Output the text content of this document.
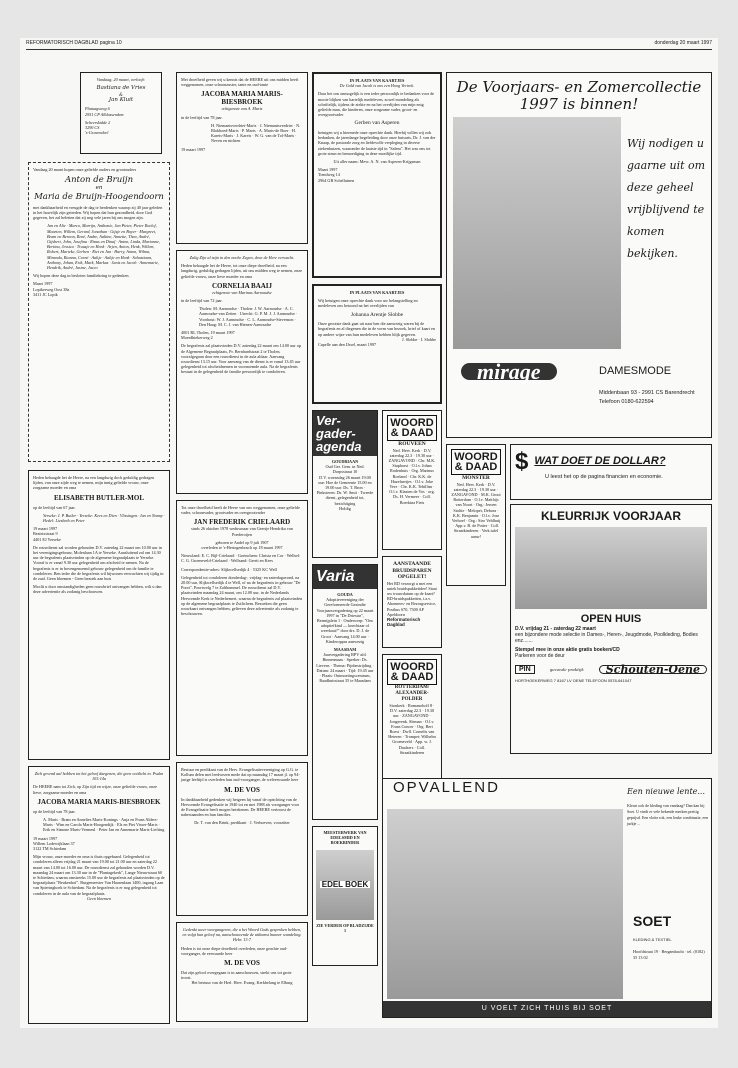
REFORMATORISCH DAGBLAD pagina 10	donderdag 20 maart 1997
Vandaag, 20 maart, verlooft:
Bastiana de Vries
&
Jan Kluit
Plataagsweg 6
2951 CP Alblasserdam
Scheerskidde 2
3290 CS
's-Gravendeel
Vandaag 20 maart hopen onze geliefde ouders en grootouders
Anton de Bruijn
en
Maria de Bruijn-Hoogendoorn
met dankbaarheid en vreugde de dag te herdenken waarop zij 40 jaar geleden in het huwelijk zijn getreden. Wij hopen dat hun gezondheid, door God gegeven, het zal beletten dat zij nog vele jaren bij ons mogen zijn.
Jan en Alie · Marco, Marrijn, Anthonie, Jan Pieter, Pieter Roelof, Maarten, Willem, Gerard, Jonathan · Gijsje en Boyer · Margreet, Bram en Bernon, René, Andre, Aaltine, Annette, Thea, André, Gijsbert, John, Josefina · Rinus en Dinaf · Anton, Linda, Marianne, Bertina, Jessica · Truusje en Henk · Arjen, Anton, Henk, Willem, Robert, Marieke, Gerben · Riet en Jan · Harry, Anton, Wilma, Miranda, Rianna, Corné · Aaltje · Aaltje en Henk · Sebastiaan, Anthony, Johan, Erik, Mark, Markus · Janis en Jacob · Annemarie, Hendrik, André, Jasine, Jacco
Wij hopen deze dag in besloten familiekring te gedenken.
Maart 1997
Lopikerweg Oost 38a
3411 JC Lopik
Heden behaagde het de Heere, na een langdurig doch geduldig gedragen lijden, van onze zijde weg te nemen, mijn innig geliefde vrouw, onze zorgzame moeder en oma
ELISABETH BUTLER-MOL
op de leeftijd van 67 jaar.
Yerseke: I. P. Butler · Yerseke: Kees en Dien · Vlissingen: Jan en Nanny · Hedel: Liesbeth en Peter
19 maart 1997
Beatrixstraat 9
4401 EJ Yerseke
De rouwdienst zal worden gehouden D.V. zaterdag 22 maart om 10.00 uur in het verenigingsgebouw, Molenlaan 1A te Yerseke. Aansluitend zal om 14.30 uur de begrafenis plaatsvinden op de algemene begraafplaats te Yerseke. Vooraf is er vanaf 9.30 uur gelegenheid om afscheid te nemen. Na de begrafenis is er in bovengenoemd gebouw gelegenheid om de familie te condoleren. Ben ieder die de begrafenis wil bijwonen verwachten wij tijdig in de zaal. Geen bloemen - Geen bezoek aan huis
Moclit u door omstandigheden geen rouwbrief ontvangen hebben, wilt u dan deze advertentie als zodanig beschouwen.
Zich gevend aal hobben tot het geloof daegenen, die geen ooitlicht in. Psalm 103:14a
De HEERE nam tot Zich, op Zijn tijd en wijze, onze geliefde vrouw, onze lieve, zorgzame moeder en oma
JACOBA MARIA MARIS-BIESBROEK
op de leeftijd van 78 jaar.
A. Maris · Bram en Annelies Maris-Konings · Anja en Frans Alders-Maris · Wim en Carola Maris-Hoogendijk · Els en Piet Visser-Maris · Erik en Simone Maris-Vermeul · Peter Jan en Annemarie Maris-Liefting
19 maart 1997
Willem Lodewijklaan 37
3122 TM Schiedam
Mijn vrouw, onze moeder en oma is thuis opgebaard. Gelegenheid tot condoleren alleen vrijdag 21 maart van 19.00 tot 21.00 uur en zaterdag 22 maart van 14.00 tot 16.00 uur. De rouwdienst zal gehouden worden D.V. maandag 24 maart om 13.30 uur in de "Plantagekerk", Lange Nieuwstraat 60 te Schiedam, waarna omstreeks 15.00 uur de begrafenis zal plaatsvinden op de begraafplaats "Beukenhof". Burgemeester Van Haarenlaan 1400, ingang Laan van Spieringhoek te Schiedam. Na de begrafenis is er nog gelegenheid tot condoleren in de aula van de begraafplaats.
Geen bloemen
Met droefheid geven wij u kennis dat de HEERE uit ons midden heeft weggenomen, onze schoonzuster, tante en oud-tante
JACOBA MARIA MARIS-BIESBROEK
echtgenote van A. Maris
in de leeftijd van 78 jaar.
H. Niemantsverdriet-Maris · J. Niemantsverdriet · N. Blokhoed-Maris · P. Maris · A. Maris-de Boer · H. Kareis-Maris · J. Kareis · W. G. van de Tol-Maris · Neven en nichten
19 maart 1997
Zalig Zijn al tzijn in den noche Zegen, door de Here verwacht.
Heden behaagde het de Heere, tot onze diepe droefheid, na een langdurig, geduldig gedragen lijden, uit ons midden weg te nemen, onze geliefde vrouw, onze lieve moeder en oma
CORNELIA BAAIJ
echtgenote van Marinus Aarnoudse
in de leeftijd van 72 jaar.
Tholen: M. Aarnoudse · Tholen: J. W. Aarnoudse · A. C. Aarnoudse-van Zetten · Utrecht: G. P. M. J. J. Aarnoudse · Voorhout: W. J. Aarnoudse · C. L. Aarnoudse-Stevenson · Den Haag: M. C. J. van Hienen-Aarnoudse
4001 RL Tholen, 19 maart 1997
Moerdbiekerweg 2
De begrafenis zal plaatsvinden D.V. zaterdag 22 maart om 14.00 uur op de Algemene Begraafplaats, Pr. Bernhardstraat 2 te Tholen, voorafgegaan door een rouwdienst in de aula aldaar. Aanvang rouwdienst 13.15 uur. Voor aanvang van de dienst is er vanaf 13.45 uur gelegenheid tot afscheidnemen in voornoemde aula. Na de begrafenis bestaat in de gelegenheid de familie persoonlijk te condoleren.
Tot onze droefheid heeft de Heere van ons weggenomen, onze geliefde vader, schoonvader, grootvader en overgrootvader
JAN FREDERIK CRIELAARD
sinds 26 oktober 1978 weduwnaar van Geertje Hendrika van Poederoijen
geboren te Andel op 9 juli 1907
overleden te 's-Hertogenbosch op 18 maart 1997
Nieuwland: E. C. Bijl-Crielaard · Gorinchem: Christa en Cor · Wellsel: C. G. Groeneveld-Crielaard · Wellsand: Gerrit en Kees
Correspondentie-adres: Slijkwellsedijk 4 · 5325 KC Well
Gelegenheid tot condoleren donderdag-, vrijdag- en zaterdagavond, na 20.00 uur, Slijkwellsedijk 4 te Well, of na de begrafenis in gebouw "De Poort", Poortwelg 7 te Zaltbommel. De rouwdienst zal D.V. plaatsvinden maandag 24 maart, om 12.00 uur, in de Nederlands Hervormde Kerk te Nederhemert, waarna de begrafenis zal plaatsvinden op de algemene begraafplaats te Zuilichem. Bezoeken die geen rouwkaart ontvangen hebben, gelieven deze advertentie als zodanig te beschouwen.
Bestuur en predikant van de Herv. Evangelisatievereniging op G.G. te Kollum delen met leedwezen mede dat op maandag 17 maart jl. op 94-jarige leeftijd is overleden hun oud-voorganger, de weleerwaarde heer
M. DE VOS
In dankbaarheid gedenken wij hetgeen hij vanaf de oprichting van de Hervormde Evangelisatie in 1940 tot en met 1988 als voorganger voor de Evangelisatie heeft mogen betekenen. De HEERE vertroost de nabestaanden en hun families.
Dr. T. van den Brink, predikant · J. Verhoeven, voorzitter
Gedenkt uwer voorgangeren, die u het Woord Gods gesproken hebben, en volgt hun geloof na, aanschouwende de uitkomst hunner wandeling. Hebr. 13:7
Heden is tot onze diepe droefheid overleden, onze geachte oud-voorganger, de eerwaarde heer
M. DE VOS
Dat zijn geloof overgegaan is in aanschouwen, strekt ons tot grote troost.
Het bestuur van de Herl. Herv. Evang. Kerkbelang te Elburg
IN PLAATS VAN KAARTJES
De Gold van Jacob is ons een Hoog Vertrek.
Daar het ons onmogelijk is een ieder persoonlijk te bedanken voor de mooie blijken van hartelijk medeleven, zowel mondeling als schriftelijk, tijdens de ziekte en na het overlijden van mijn enig geliefde man, die kinderen, onze zorgzame vader, groot- en overgrootvader
Gerben van Asperen
betuigen wij u hiermede onze oprechte dank. Hierbij willen wij ook bedanken, de jarenlange begeleiding door onze huisarts, Dr. J. van der Knaap, de pastorale zorg en liefdevolle verpleging in diverse ziekenhuizen, waaronder de laatste tijd in "Salem". Het was ons tot grote steun en bemoediging in deze moeilijke tijd.
Uit aller naam: Mevr. A. N. van Asperen-Krijgsman
Maart 1997
Tiendweg 14
2964 GB Schelluinen
IN PLAATS VAN KAARTJES
Wij betuigen onze oprechte dank voor uw belangstelling en medeleven ons betoond na het overlijden van
Johanna Arentje Slobbe
Onze grootste dank gaat uit naar hen die aanwezig waren bij de begrafenis en al diegenen die in de vorm van bezoek, brief of kaart en op andere wijze van hun medeleven hebben blijk gegeven.
J. Slobbe · I. Slobbe
Capelle aan den IJssel, maart 1997
Ver-gader-agenda
GOUDRIAAN
Oud Ger. Gem. in Ned. Dorpsstraat 10
D.V. woensdag 26 maart 19.00 uur: Hoe de Gemeente 15.00 en 19.00 uur: Ds. T. Bron · Pinksteren: Ds. W. Smit · Tweede dienst, gelegenheid tot, bezichtiging
Holdig
Varia
GOUDA
Adoptievereniging der Gereformeerde Gezindte Voorjaarsvergadering op 22 maart 1997 in "De Driestar", Bermijplein 1 · Onderwerp: "Ons adoptiefkind — knechtaar of weerkaat?" door drs. D. J. de Groot · Aanvang 14.00 uur · Kinderoppas aanwezig
MAASDAM
Jaarvergadering RPV afd. Binnenmaas · Spreker: Ds. Lievens · Thema: Pijnbestrijding · Datum: 24 maart · Tijd: 19.45 uur · Plaats: Ontmoetingscentrum, Raadhuisstraat 35 te Maasdam
MEESTERWERK VAN EDELSMID EN BOEKBINDER
EDEL BOEK
ZIE VERDER OP BLADZIJDE 1
WOORD
& DAAD
ROUVEEN
Ned. Herv. Kerk · D.V. zaterdag 22.3 · 19.30 uur · ZANGAVOND · Chr. M.K. Staphorst · O.l.v. Johan Rodenhuis · Org. Marinus Roeland · Chr. K.K. de Hazelaertjes · O.l.v. Joke Veer · Chr. K.K. Tebillim · O.l.v. Klazien de Vos · org. Ds. H. Vermeer · Coll. Boerkina Fiets
AANSTAANDE BRUIDSPAREN OPGELET!
Het RD verzorgt u met een uniek bruidspakketidee! Staat uw trouwdatum op de kaart? RD-bruidspakketten, t.a.v. Abonnees- en Bezorgservice, Postbus 670, 7300 AP Apeldoorn
Reformatorisch Dagblad
WOORD
& DAAD
ROTTERDAM/ ALEXANDER-POLDER
Sionkerk · Romanoholf 8 · D.V. zaterdag 22.3 · 19.30 uur · ZANGAVOND · Jongerenk. Sleman · O.l.v. Frans Concer · Org. Bert Roest · Dwll. Cornelis van Heteren · Trompet: Wilhelm Groeneveld · App. w. J. Daalsers · Coll. Straatkinderen
De Voorjaars- en Zomercollectie
1997 is binnen!
Wij nodigen u gaarne uit om deze geheel vrijblijvend te komen bekijken.
mirage	DAMESMODE
Middenbaan 93 - 2991 CS Barendrecht
Telefoon 0180-622594
WOORD
& DAAD
MONSTER
Ned. Herv. Kerk · D.V. zaterdag 22.3 · 19.30 uur · ZANGAVOND · M.K. Groot Rotterdam · O.l.v. Matthijs van Noort · Org.: Jeroen Stoltie · Melopeï, Debora · K.K. Benjamin · O.l.v. Jose Verhoef · Org.: Siro Veldhuij · App.v. B. de Potter · Coll. Straatkinderen · Verk.tafel aanw!
$ WAT DOET DE DOLLAR?
U leest het op de pagina financien en economie.
KLEURRIJK VOORJAAR
OPEN HUIS
D.V. vrijdag 21 - zaterdag 22 maart
een bijzondere mode selectie in Dames-, Heren-, Jeugdmode, Poolkleding, Bodies enz.......
Stempel mee in onze aktie gratis boeken/CD
Parkeren voor de deur
PIN	gezonde praktijk	Schouten-Oene
HORTHOEKERWEG 7 8167 LV OENE TELEFOON 0578-641047
OPVALLEND	Een nieuwe lente...
Kleurt ook de kleding van vandaag? Dan kan bij Soet. U vindt er vele bekende merken prettig geprijsd. Een vlotte rok, een leuke combinatie, een jurkje ...
SOET
KLEDING & TEXTIEL
Hoofdstraat 19 · Bergambacht · tel. (0182) 35 13 02
U VOELT ZICH THUIS BIJ SOET
